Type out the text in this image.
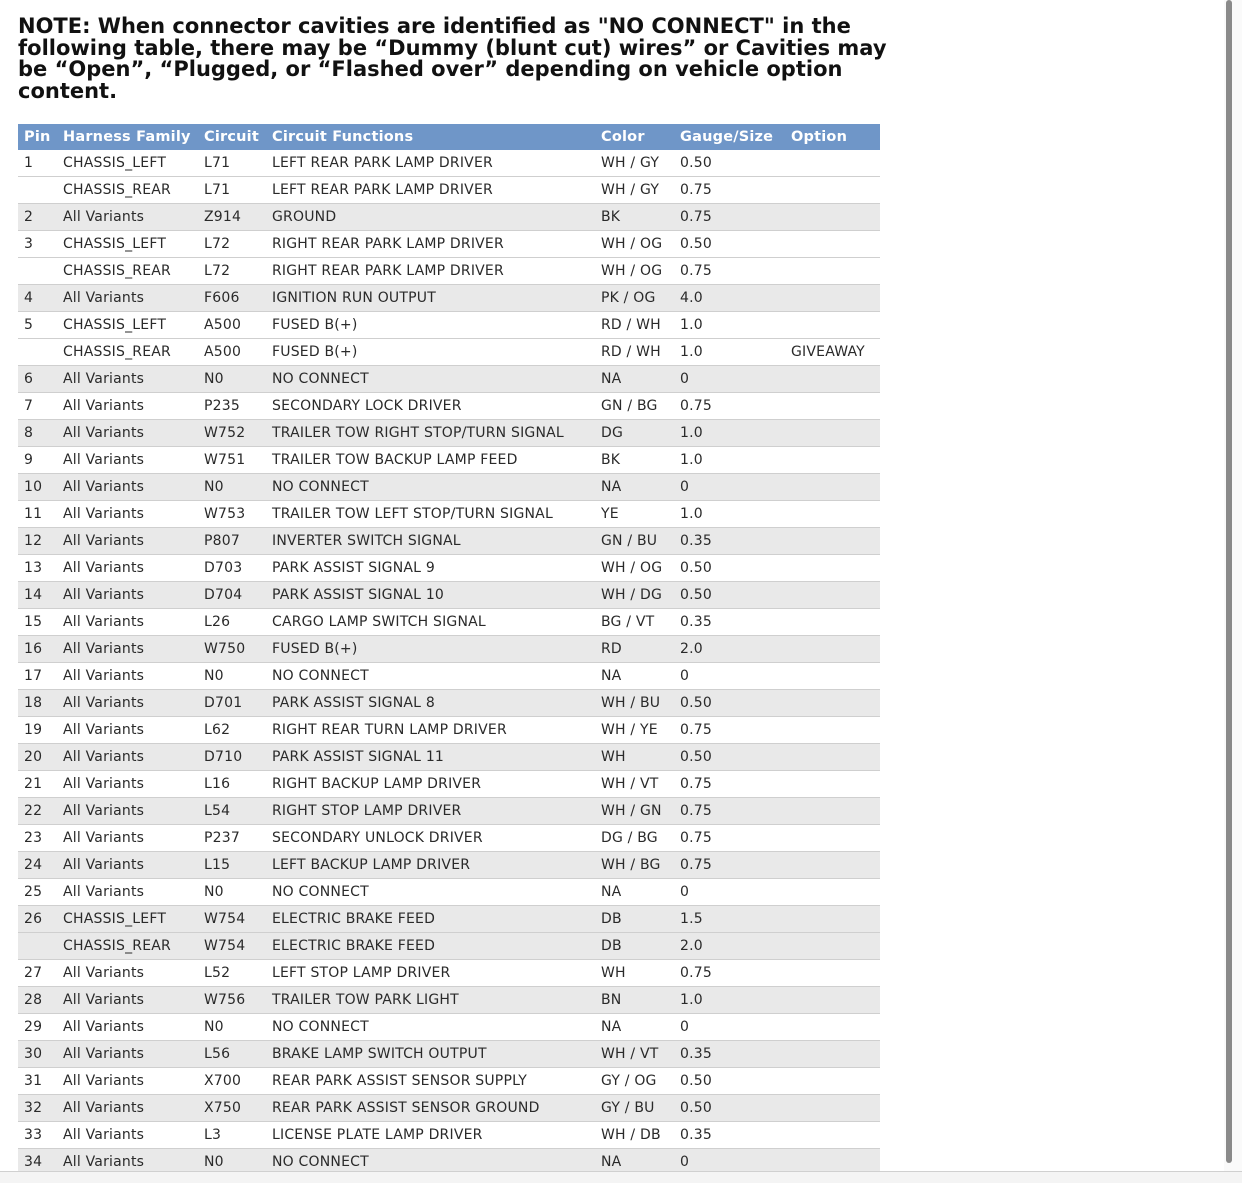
NOTE: When connector cavities are identified as "NO CONNECT" in the following table, there may be “Dummy (blunt cut) wires” or Cavities may be “Open”, “Plugged, or “Flashed over” depending on vehicle option content.

Pin	Harness Family	Circuit	Circuit Functions	Color	Gauge/Size	Option
1	CHASSIS_LEFT	L71	LEFT REAR PARK LAMP DRIVER	WH / GY	0.50	
	CHASSIS_REAR	L71	LEFT REAR PARK LAMP DRIVER	WH / GY	0.75	
2	All Variants	Z914	GROUND	BK	0.75	
3	CHASSIS_LEFT	L72	RIGHT REAR PARK LAMP DRIVER	WH / OG	0.50	
	CHASSIS_REAR	L72	RIGHT REAR PARK LAMP DRIVER	WH / OG	0.75	
4	All Variants	F606	IGNITION RUN OUTPUT	PK / OG	4.0	
5	CHASSIS_LEFT	A500	FUSED B(+)	RD / WH	1.0	
	CHASSIS_REAR	A500	FUSED B(+)	RD / WH	1.0	GIVEAWAY
6	All Variants	N0	NO CONNECT	NA	0	
7	All Variants	P235	SECONDARY LOCK DRIVER	GN / BG	0.75	
8	All Variants	W752	TRAILER TOW RIGHT STOP/TURN SIGNAL	DG	1.0	
9	All Variants	W751	TRAILER TOW BACKUP LAMP FEED	BK	1.0	
10	All Variants	N0	NO CONNECT	NA	0	
11	All Variants	W753	TRAILER TOW LEFT STOP/TURN SIGNAL	YE	1.0	
12	All Variants	P807	INVERTER SWITCH SIGNAL	GN / BU	0.35	
13	All Variants	D703	PARK ASSIST SIGNAL 9	WH / OG	0.50	
14	All Variants	D704	PARK ASSIST SIGNAL 10	WH / DG	0.50	
15	All Variants	L26	CARGO LAMP SWITCH SIGNAL	BG / VT	0.35	
16	All Variants	W750	FUSED B(+)	RD	2.0	
17	All Variants	N0	NO CONNECT	NA	0	
18	All Variants	D701	PARK ASSIST SIGNAL 8	WH / BU	0.50	
19	All Variants	L62	RIGHT REAR TURN LAMP DRIVER	WH / YE	0.75	
20	All Variants	D710	PARK ASSIST SIGNAL 11	WH	0.50	
21	All Variants	L16	RIGHT BACKUP LAMP DRIVER	WH / VT	0.75	
22	All Variants	L54	RIGHT STOP LAMP DRIVER	WH / GN	0.75	
23	All Variants	P237	SECONDARY UNLOCK DRIVER	DG / BG	0.75	
24	All Variants	L15	LEFT BACKUP LAMP DRIVER	WH / BG	0.75	
25	All Variants	N0	NO CONNECT	NA	0	
26	CHASSIS_LEFT	W754	ELECTRIC BRAKE FEED	DB	1.5	
	CHASSIS_REAR	W754	ELECTRIC BRAKE FEED	DB	2.0	
27	All Variants	L52	LEFT STOP LAMP DRIVER	WH	0.75	
28	All Variants	W756	TRAILER TOW PARK LIGHT	BN	1.0	
29	All Variants	N0	NO CONNECT	NA	0	
30	All Variants	L56	BRAKE LAMP SWITCH OUTPUT	WH / VT	0.35	
31	All Variants	X700	REAR PARK ASSIST SENSOR SUPPLY	GY / OG	0.50	
32	All Variants	X750	REAR PARK ASSIST SENSOR GROUND	GY / BU	0.50	
33	All Variants	L3	LICENSE PLATE LAMP DRIVER	WH / DB	0.35	
34	All Variants	N0	NO CONNECT	NA	0	
